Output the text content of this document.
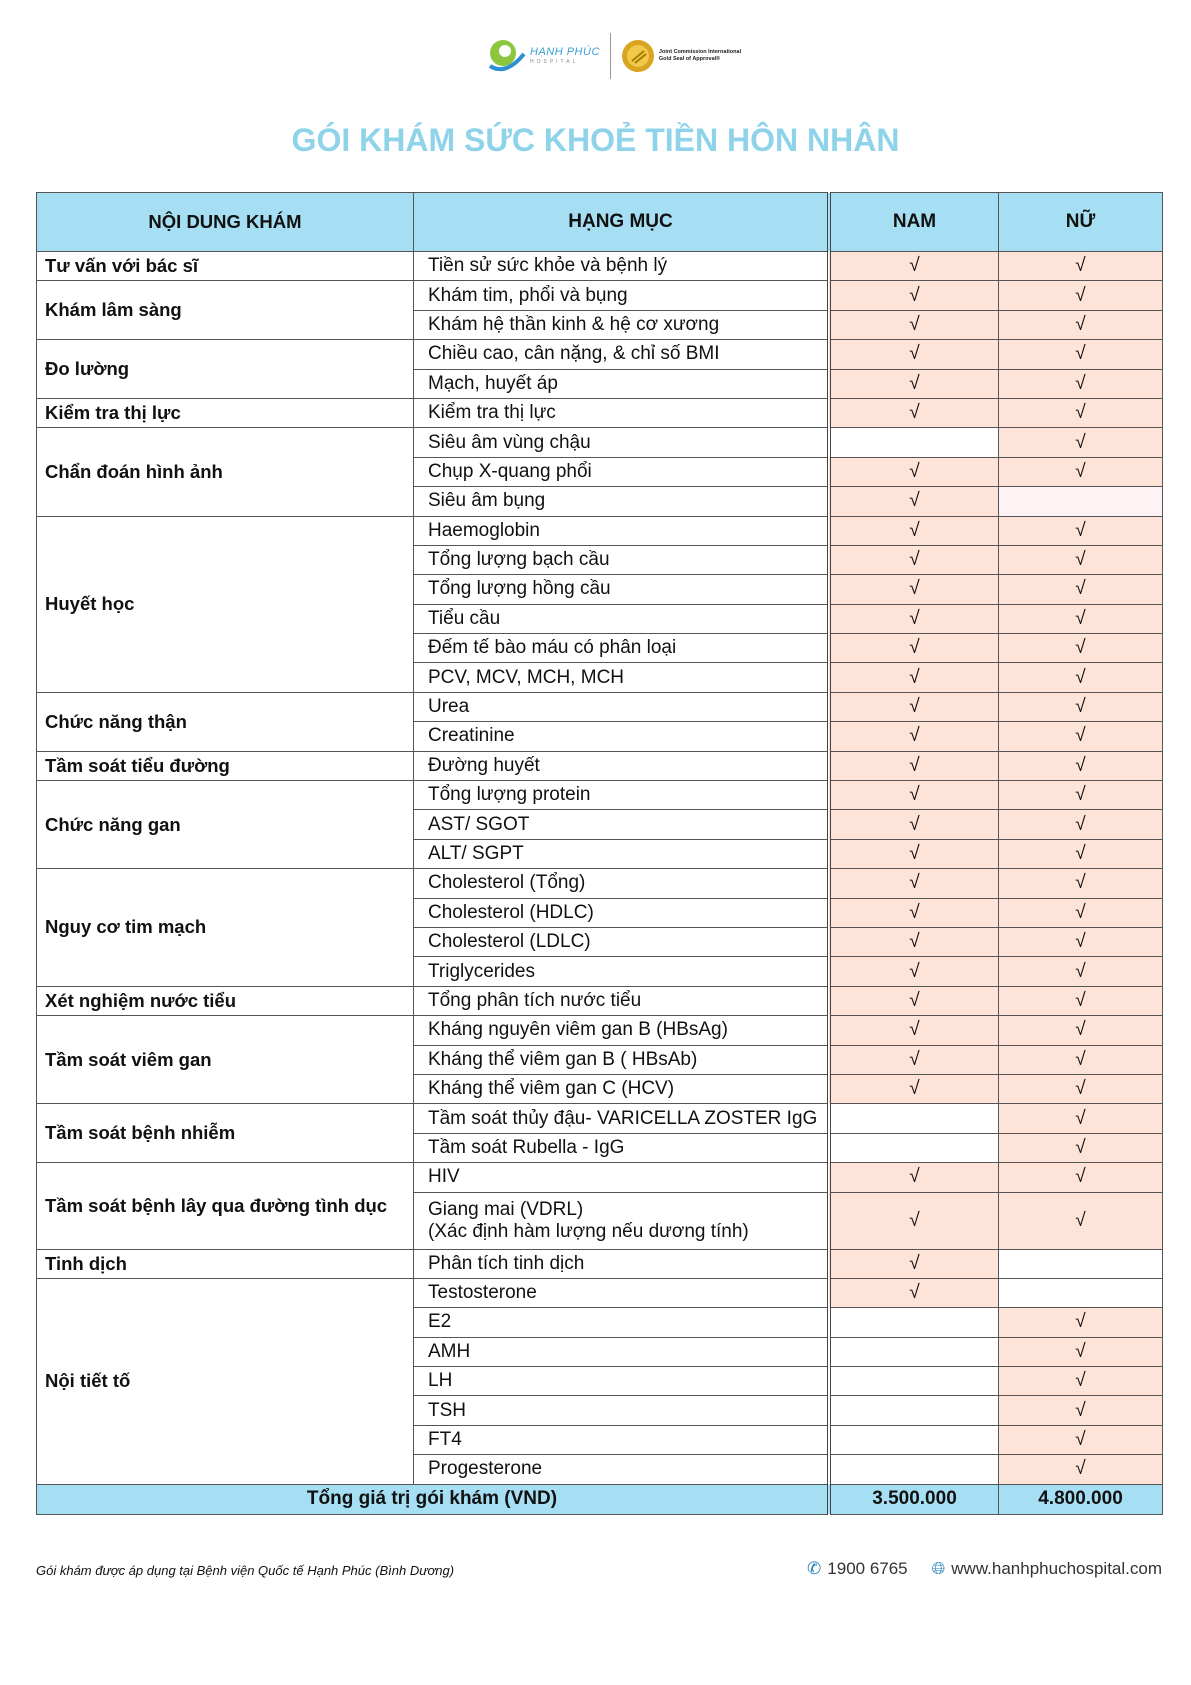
HẠNH PHÚC
HOSPITAL
Joint Commission International
Gold Seal of Approval®
GÓI KHÁM SỨC KHOẺ TIỀN HÔN NHÂN
NỘI DUNG KHÁM	HẠNG MỤC	NAM	NỮ
Tư vấn với bác sĩ	Tiền sử sức khỏe và bệnh lý	√	√
Khám lâm sàng	Khám tim, phổi và bụng	√	√

	Khám hệ thần kinh & hệ cơ xương	√	√
Đo lường	Chiều cao, cân nặng, & chỉ số BMI	√	√

	Mạch, huyết áp	√	√
Kiểm tra thị lực	Kiểm tra thị lực	√	√
Chẩn đoán hình ảnh	Siêu âm vùng chậu		√

	Chụp X-quang phổi	√	√

	Siêu âm bụng	√	
Huyết học	Haemoglobin	√	√

	Tổng lượng bạch cầu	√	√

	Tổng lượng hồng cầu	√	√

	Tiểu cầu	√	√

	Đếm tế bào máu có phân loại	√	√

	PCV, MCV, MCH, MCH	√	√
Chức năng thận	Urea	√	√

	Creatinine	√	√
Tầm soát tiểu đường	Đường huyết	√	√
Chức năng gan	Tổng lượng protein	√	√

	AST/ SGOT	√	√

	ALT/ SGPT	√	√
Nguy cơ tim mạch	Cholesterol (Tổng)	√	√

	Cholesterol (HDLC)	√	√

	Cholesterol (LDLC)	√	√

	Triglycerides	√	√
Xét nghiệm nước tiểu	Tổng phân tích nước tiểu	√	√
Tầm soát viêm gan	Kháng nguyên viêm gan B (HBsAg)	√	√

	Kháng thể viêm gan B ( HBsAb)	√	√

	Kháng thể viêm gan C (HCV)	√	√
Tầm soát bệnh nhiễm	Tầm soát thủy đậu- VARICELLA ZOSTER IgG		√

	Tầm soát Rubella - IgG		√
Tầm soát bệnh lây qua đường tình dục	HIV	√	√

	Giang mai (VDRL)
(Xác định hàm lượng nếu dương tính)	√	√
Tinh dịch	Phân tích tinh dịch	√	
Nội tiết tố	Testosterone	√	

	E2		√

	AMH		√

	LH		√

	TSH		√

	FT4		√

	Progesterone		√
Tổng giá trị gói khám (VND)		3.500.000	4.800.000
Gói khám được áp dụng tại Bệnh viện Quốc tế Hạnh Phúc (Bình Dương)	✆ 1900 6765 🌐︎ www.hanhphuchospital.com
